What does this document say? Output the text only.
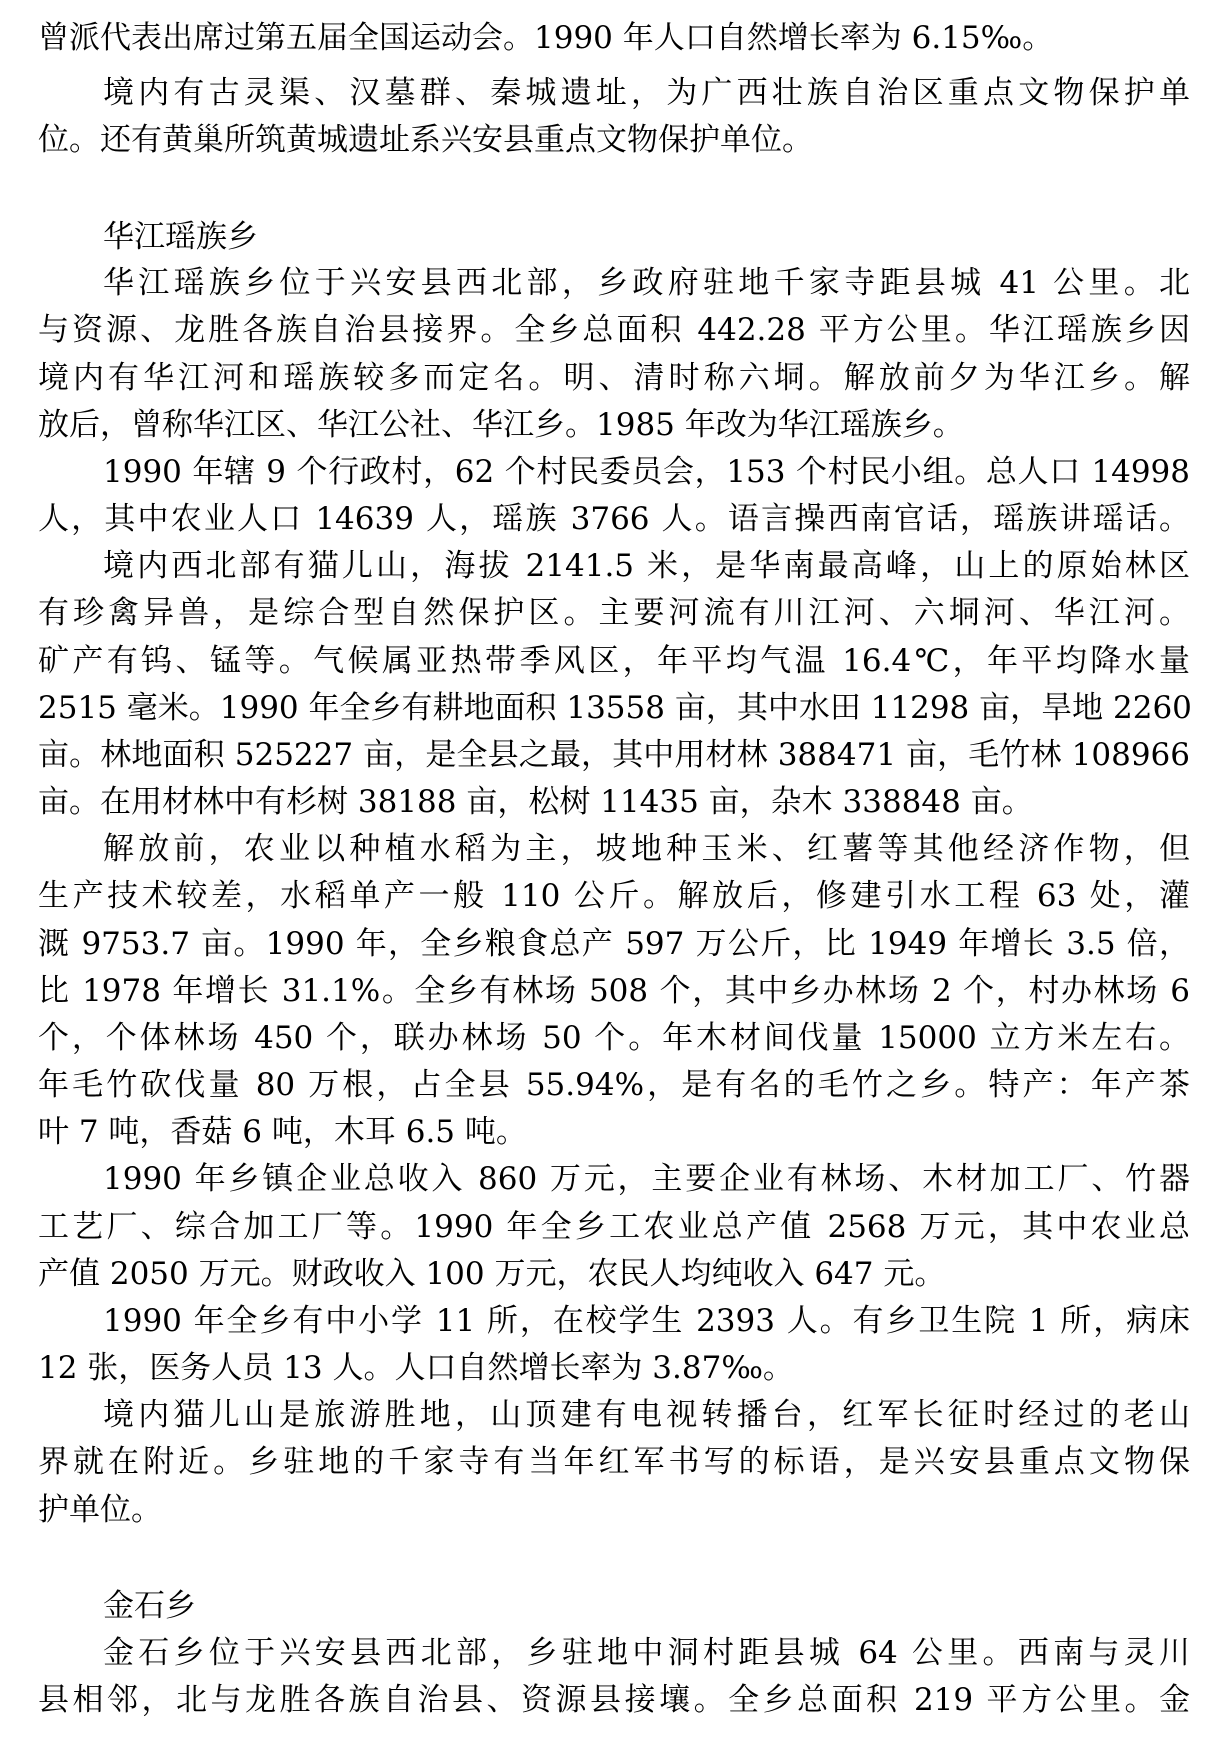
曾派代表出席过第五届全国运动会。1990 年人口自然增长率为 6.15‰。
境内有古灵渠、汉墓群、秦城遗址，为广西壮族自治区重点文物保护单
位。还有黄巢所筑黄城遗址系兴安县重点文物保护单位。
华江瑶族乡
华江瑶族乡位于兴安县西北部，乡政府驻地千家寺距县城 41 公里。北
与资源、龙胜各族自治县接界。全乡总面积 442.28 平方公里。华江瑶族乡因
境内有华江河和瑶族较多而定名。明、清时称六垌。解放前夕为华江乡。解
放后，曾称华江区、华江公社、华江乡。1985 年改为华江瑶族乡。
1990 年辖 9 个行政村，62 个村民委员会，153 个村民小组。总人口 14998
人，其中农业人口 14639 人，瑶族 3766 人。语言操西南官话，瑶族讲瑶话。
境内西北部有猫儿山，海拔 2141.5 米，是华南最高峰，山上的原始林区
有珍禽异兽，是综合型自然保护区。主要河流有川江河、六垌河、华江河。
矿产有钨、锰等。气候属亚热带季风区，年平均气温 16.4℃，年平均降水量
2515 毫米。1990 年全乡有耕地面积 13558 亩，其中水田 11298 亩，旱地 2260
亩。林地面积 525227 亩，是全县之最，其中用材林 388471 亩，毛竹林 108966
亩。在用材林中有杉树 38188 亩，松树 11435 亩，杂木 338848 亩。
解放前，农业以种植水稻为主，坡地种玉米、红薯等其他经济作物，但
生产技术较差，水稻单产一般 110 公斤。解放后，修建引水工程 63 处，灌
溉 9753.7 亩。1990 年，全乡粮食总产 597 万公斤，比 1949 年增长 3.5 倍，
比 1978 年增长 31.1%。全乡有林场 508 个，其中乡办林场 2 个，村办林场 6
个，个体林场 450 个，联办林场 50 个。年木材间伐量 15000 立方米左右。
年毛竹砍伐量 80 万根，占全县 55.94%，是有名的毛竹之乡。特产：年产茶
叶 7 吨，香菇 6 吨，木耳 6.5 吨。
1990 年乡镇企业总收入 860 万元，主要企业有林场、木材加工厂、竹器
工艺厂、综合加工厂等。1990 年全乡工农业总产值 2568 万元，其中农业总
产值 2050 万元。财政收入 100 万元，农民人均纯收入 647 元。
1990 年全乡有中小学 11 所，在校学生 2393 人。有乡卫生院 1 所，病床
12 张，医务人员 13 人。人口自然增长率为 3.87‰。
境内猫儿山是旅游胜地，山顶建有电视转播台，红军长征时经过的老山
界就在附近。乡驻地的千家寺有当年红军书写的标语，是兴安县重点文物保
护单位。
金石乡
金石乡位于兴安县西北部，乡驻地中洞村距县城 64 公里。西南与灵川
县相邻，北与龙胜各族自治县、资源县接壤。全乡总面积 219 平方公里。金
